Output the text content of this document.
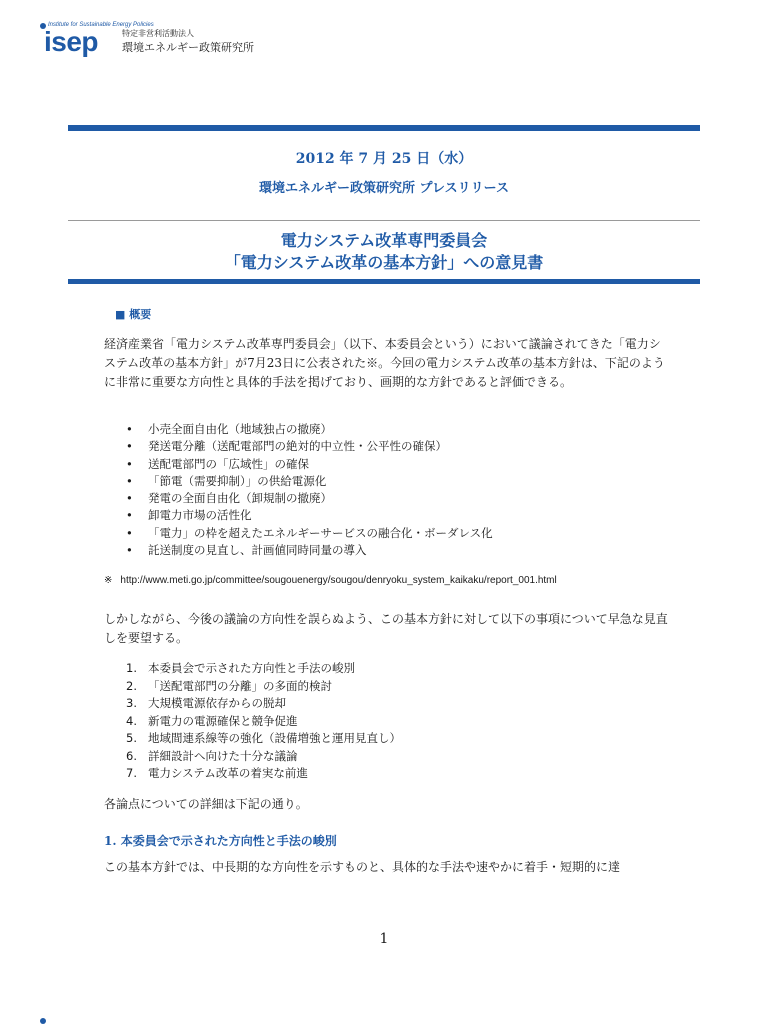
Institute for Sustainable Energy Policies
isep	特定非営利活動法人
環境エネルギー政策研究所
2012 年 7 月 25 日（水）
環境エネルギー政策研究所 プレスリリース
電力システム改革専門委員会
「電力システム改革の基本方針」への意見書
■ 概要
経済産業省「電力システム改革専門委員会」（以下、本委員会という）において議論されてきた「電力システム改革の基本方針」が7月23日に公表された※。今回の電力システム改革の基本方針は、下記のように非常に重要な方向性と具体的手法を掲げており、画期的な方針であると評価できる。
• 小売全面自由化（地域独占の撤廃）
• 発送電分離（送配電部門の絶対的中立性・公平性の確保）
• 送配電部門の「広域性」の確保
• 「節電（需要抑制）」の供給電源化
• 発電の全面自由化（卸規制の撤廃）
• 卸電力市場の活性化
• 「電力」の枠を超えたエネルギーサービスの融合化・ボーダレス化
• 託送制度の見直し、計画値同時同量の導入
※ http://www.meti.go.jp/committee/sougouenergy/sougou/denryoku_system_kaikaku/report_001.html
しかしながら、今後の議論の方向性を誤らぬよう、この基本方針に対して以下の事項について早急な見直しを要望する。
1. 本委員会で示された方向性と手法の峻別
2. 「送配電部門の分離」の多面的検討
3. 大規模電源依存からの脱却
4. 新電力の電源確保と競争促進
5. 地域間連系線等の強化（設備増強と運用見直し）
6. 詳細設計へ向けた十分な議論
7. 電力システム改革の着実な前進
各論点についての詳細は下記の通り。
1. 本委員会で示された方向性と手法の峻別
この基本方針では、中長期的な方向性を示すものと、具体的な手法や速やかに着手・短期的に達
1
